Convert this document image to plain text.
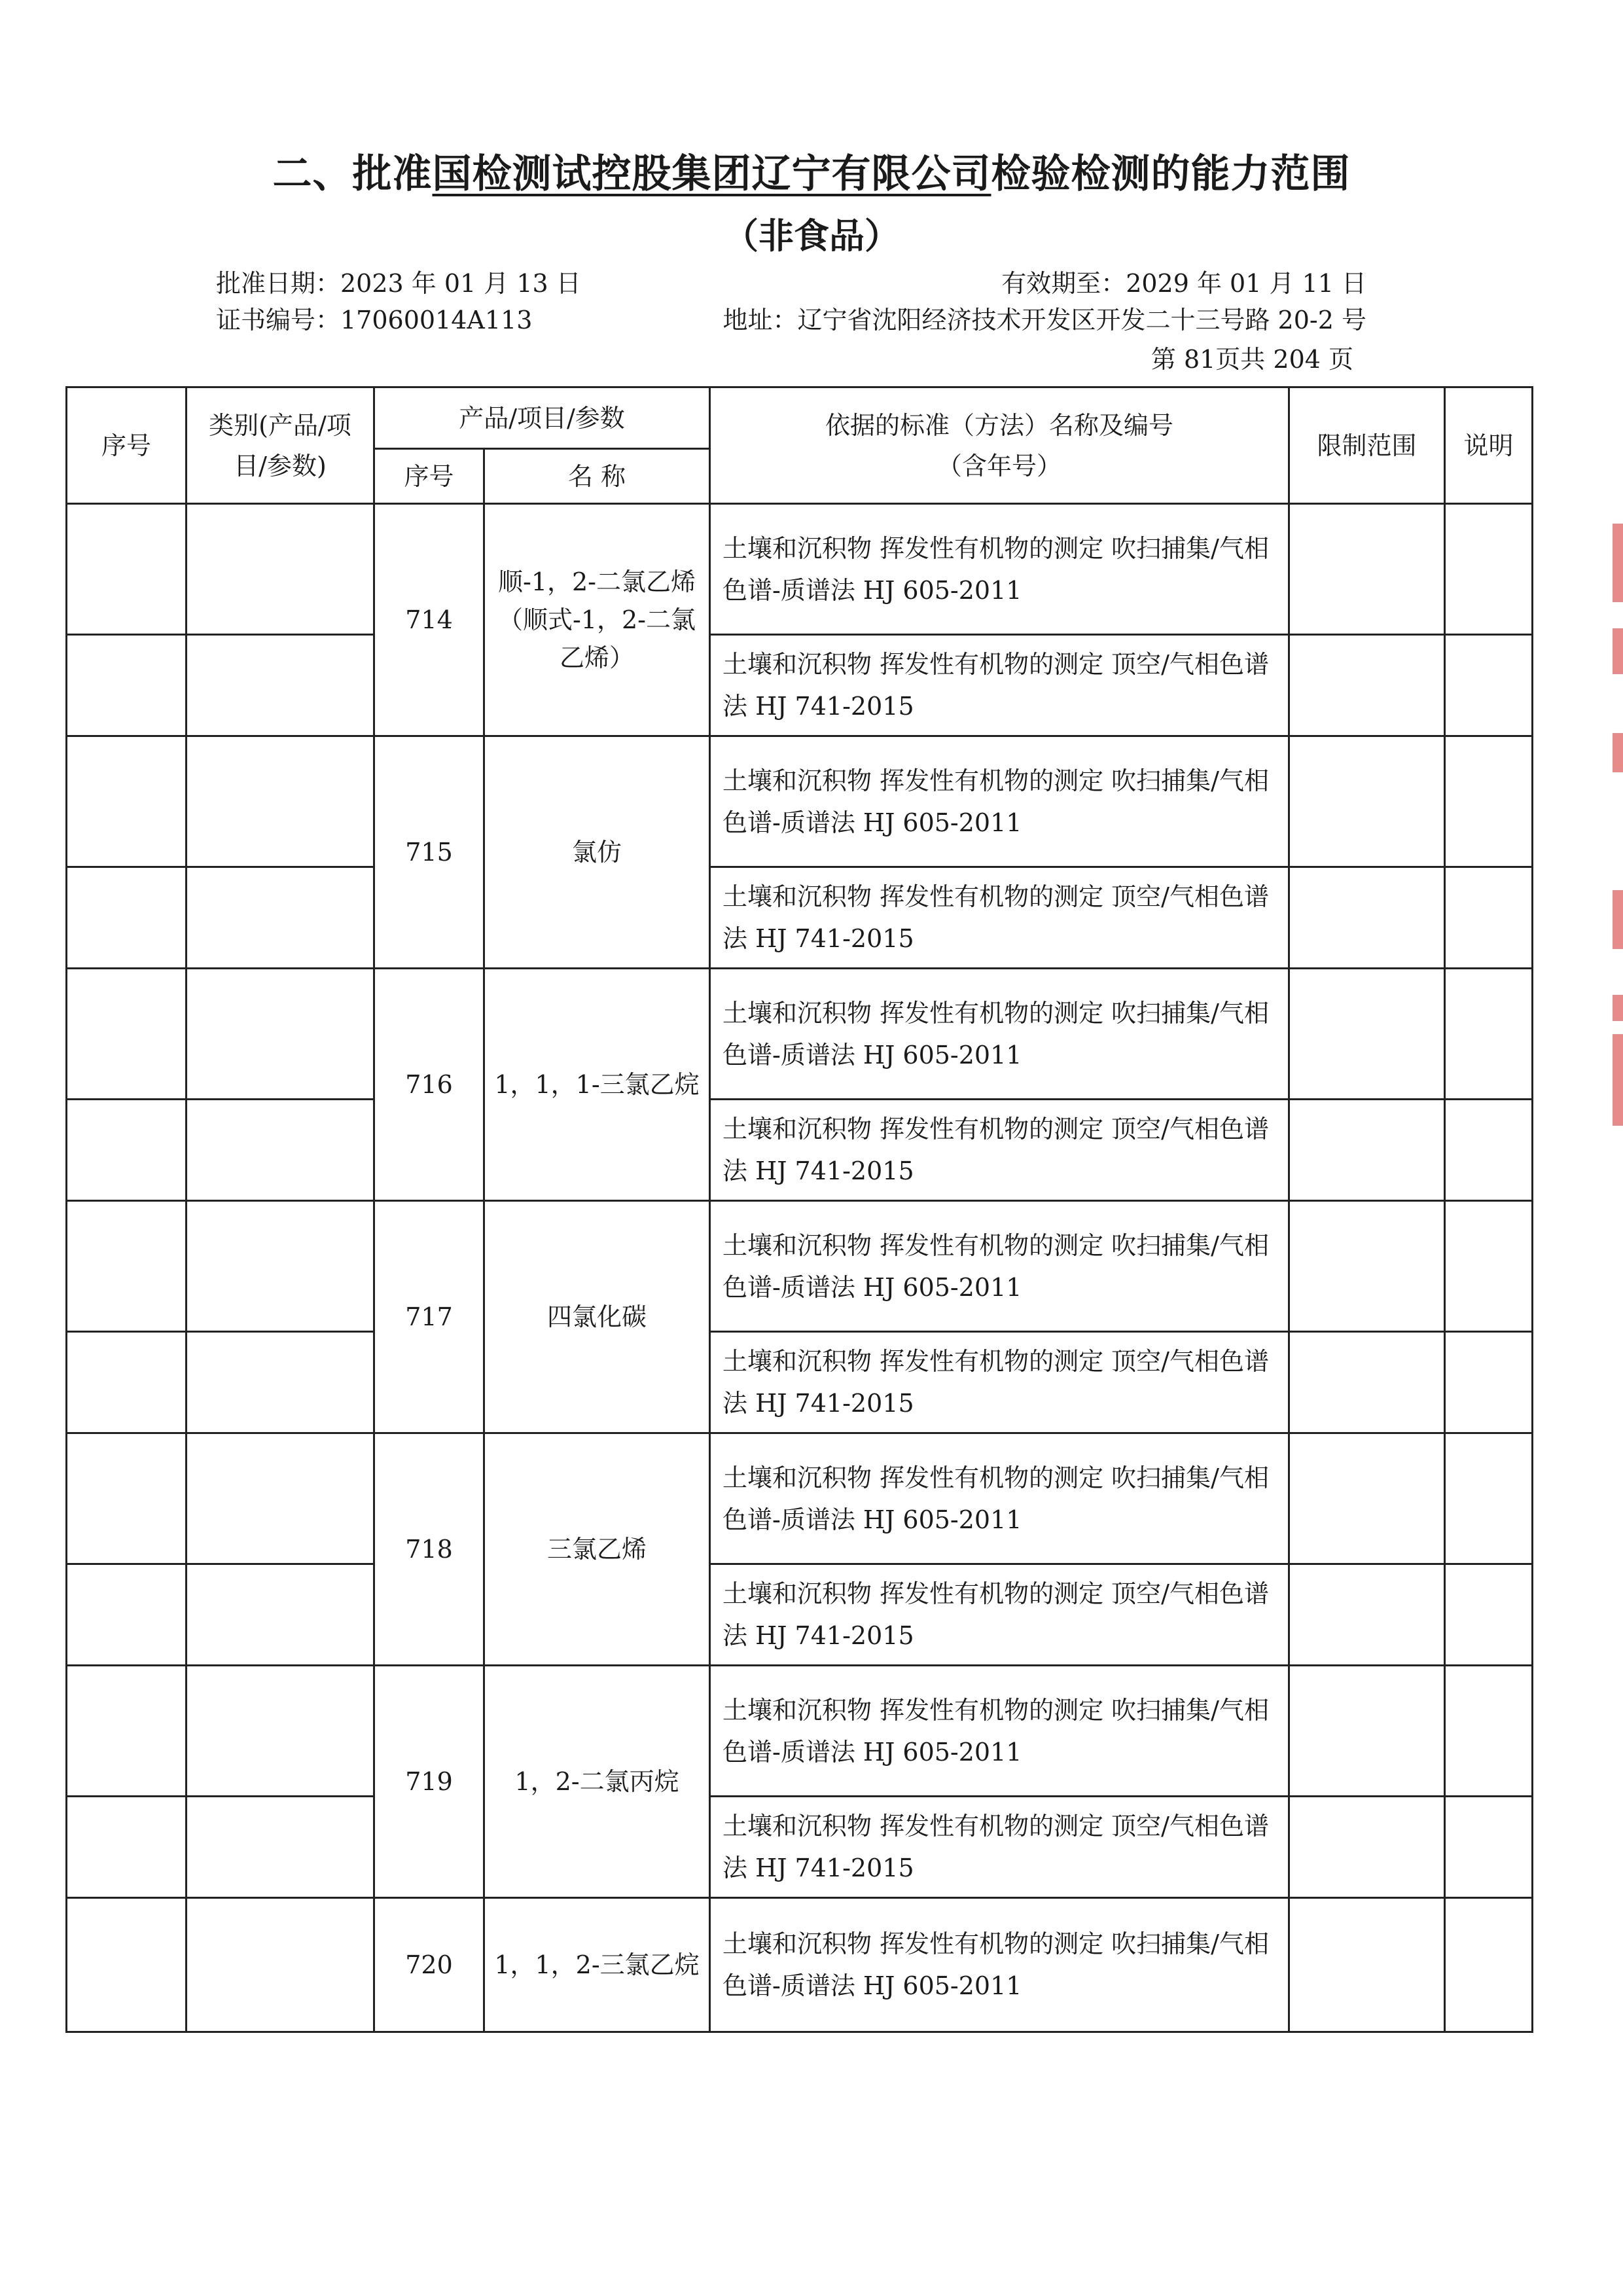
二、批准国检测试控股集团辽宁有限公司检验检测的能力范围
（非食品）
批准日期：2023 年 01 月 13 日
证书编号：17060014A113
有效期至：2029 年 01 月 11 日
地址：辽宁省沈阳经济技术开发区开发二十三号路 20-2 号
第 81页共 204 页
序号	类别(产品/项目/参数)	产品/项目/参数		依据的标准（方法）名称及编号（含年号）	限制范围	说明
		序号	名 称			
		714	顺-1，2-二氯乙烯（顺式-1，2-二氯乙烯）	土壤和沉积物 挥发性有机物的测定 吹扫捕集/气相色谱-质谱法 HJ 605-2011		
				土壤和沉积物 挥发性有机物的测定 顶空/气相色谱法 HJ 741-2015		
		715	氯仿	土壤和沉积物 挥发性有机物的测定 吹扫捕集/气相色谱-质谱法 HJ 605-2011		
				土壤和沉积物 挥发性有机物的测定 顶空/气相色谱法 HJ 741-2015		
		716	1，1，1-三氯乙烷	土壤和沉积物 挥发性有机物的测定 吹扫捕集/气相色谱-质谱法 HJ 605-2011		
				土壤和沉积物 挥发性有机物的测定 顶空/气相色谱法 HJ 741-2015		
		717	四氯化碳	土壤和沉积物 挥发性有机物的测定 吹扫捕集/气相色谱-质谱法 HJ 605-2011		
				土壤和沉积物 挥发性有机物的测定 顶空/气相色谱法 HJ 741-2015		
		718	三氯乙烯	土壤和沉积物 挥发性有机物的测定 吹扫捕集/气相色谱-质谱法 HJ 605-2011		
				土壤和沉积物 挥发性有机物的测定 顶空/气相色谱法 HJ 741-2015		
		719	1，2-二氯丙烷	土壤和沉积物 挥发性有机物的测定 吹扫捕集/气相色谱-质谱法 HJ 605-2011		
				土壤和沉积物 挥发性有机物的测定 顶空/气相色谱法 HJ 741-2015		
		720	1，1，2-三氯乙烷	土壤和沉积物 挥发性有机物的测定 吹扫捕集/气相色谱-质谱法 HJ 605-2011		
